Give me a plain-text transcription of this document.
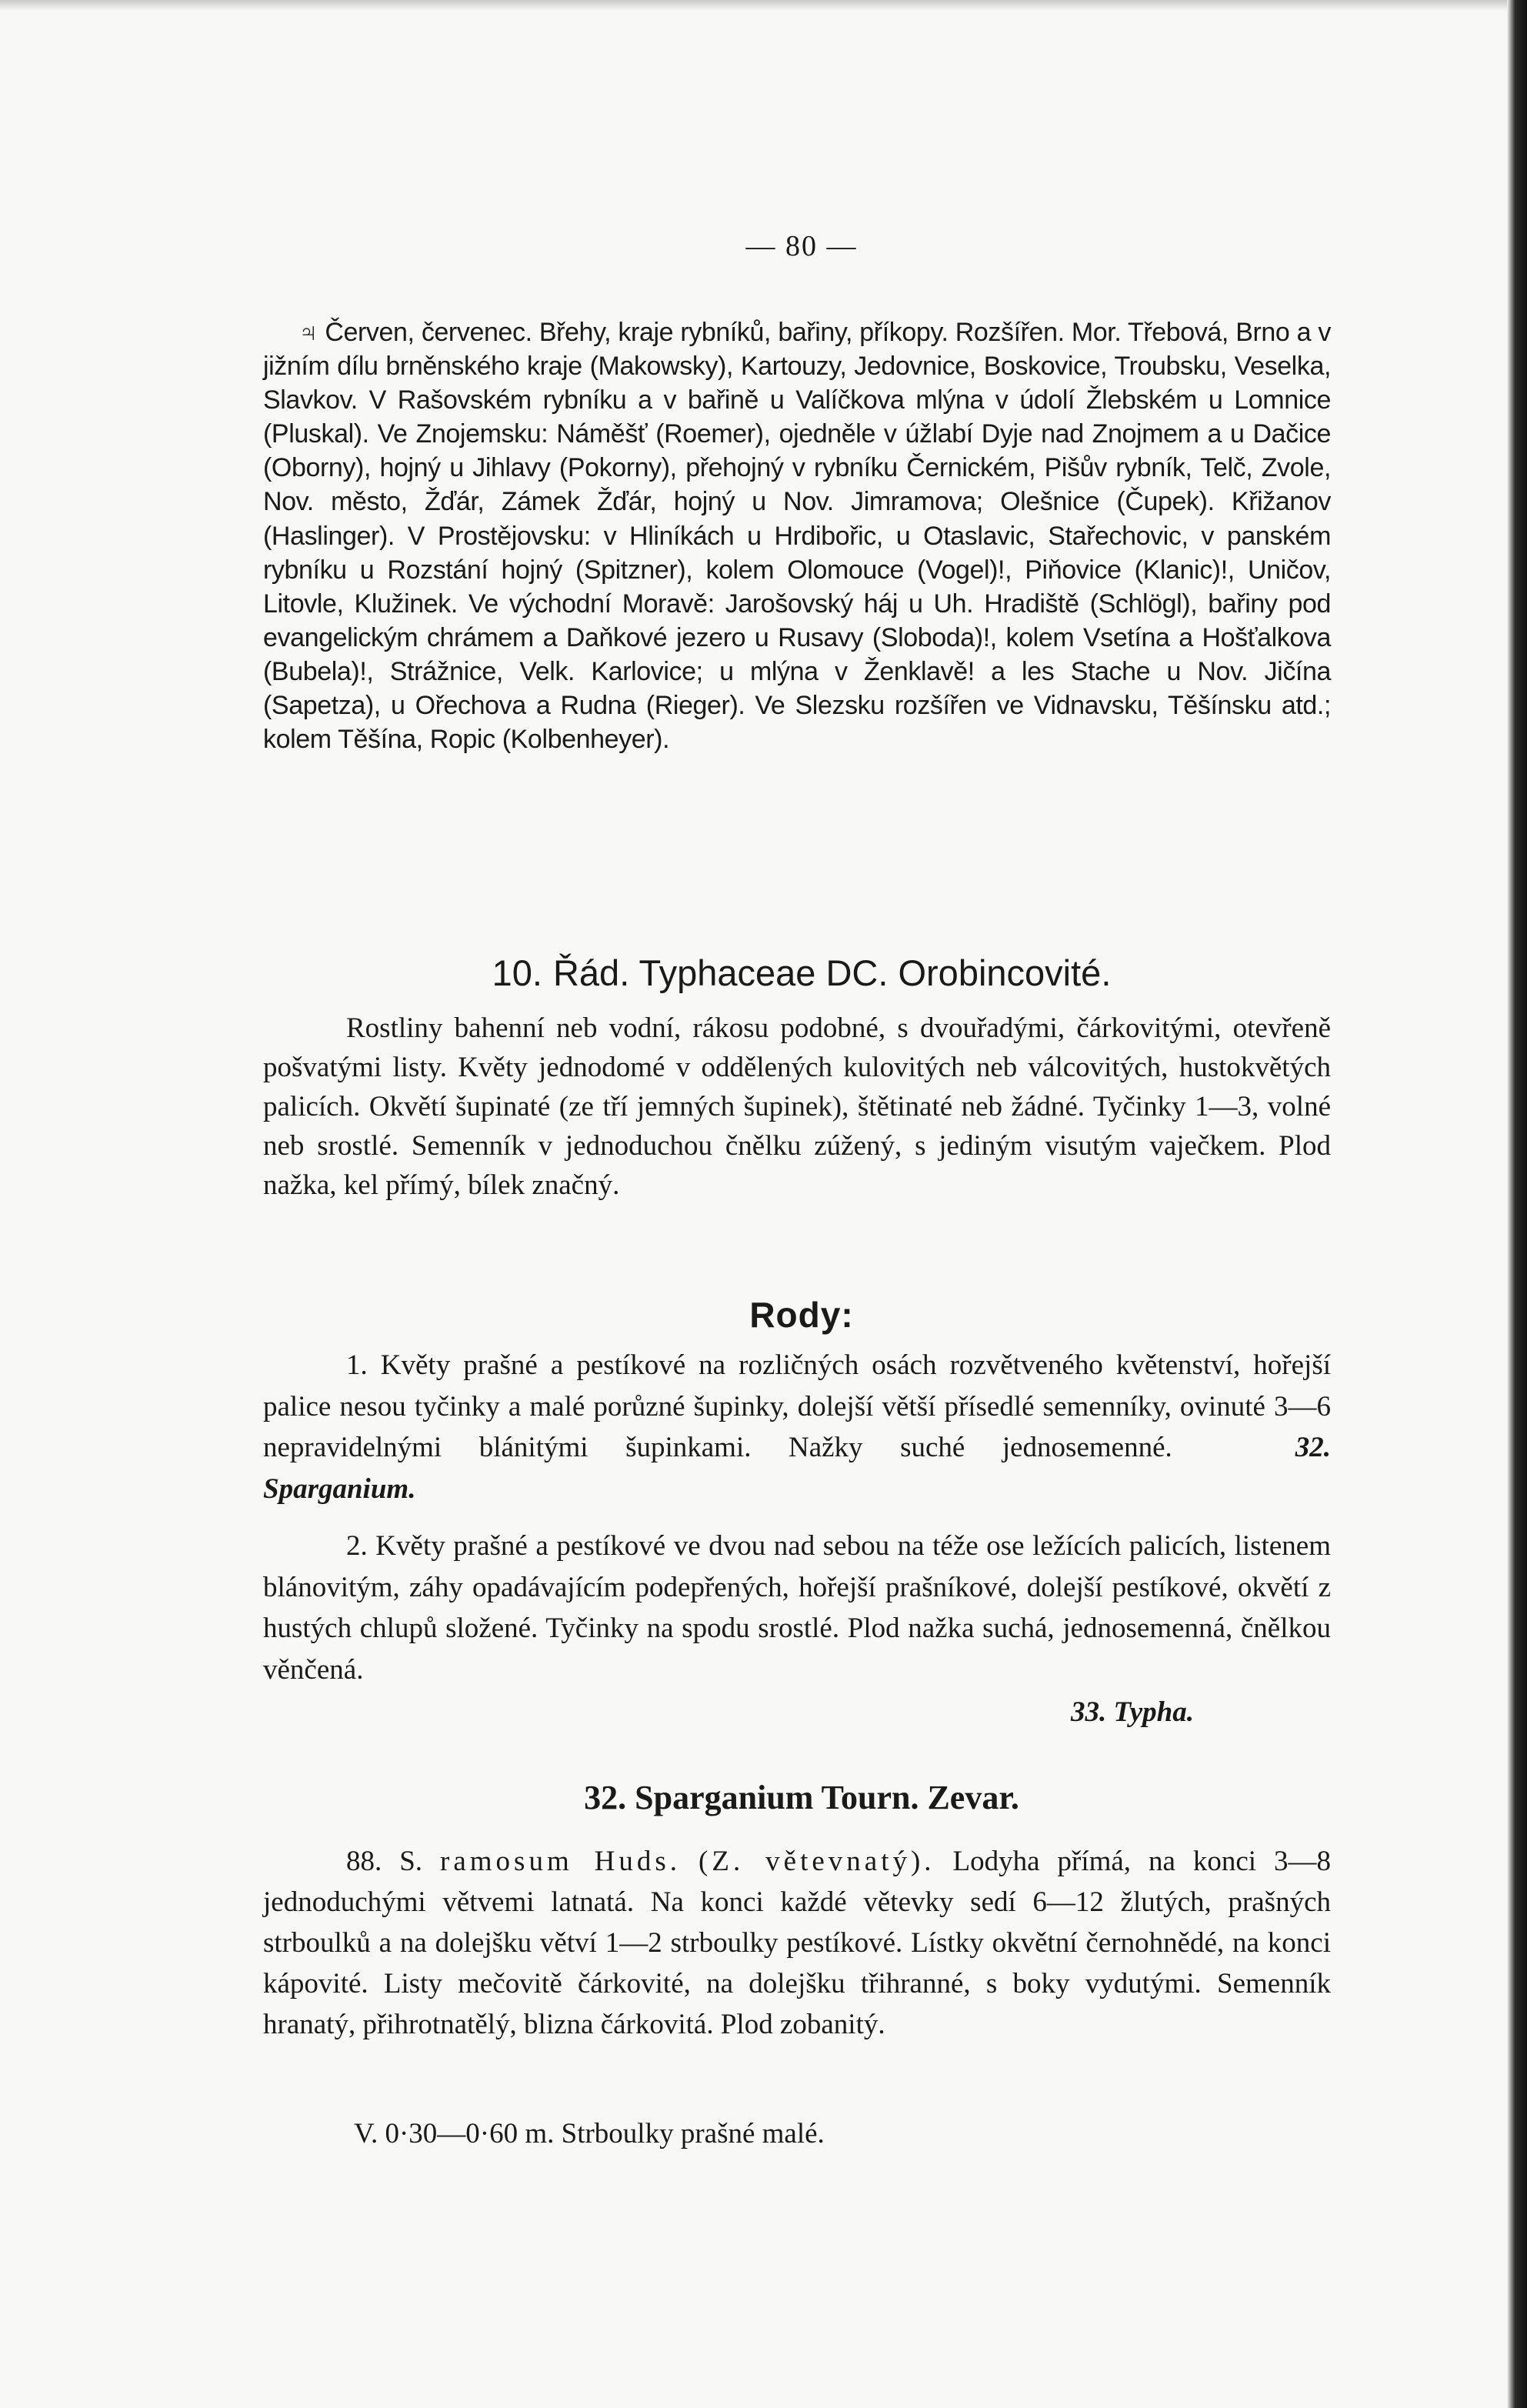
— 80 —

♃ Červen, červenec. Břehy, kraje rybníků, bařiny, příkopy. Rozšířen. Mor. Třebová, Brno a v jižním dílu brněnského kraje (Makowsky), Kartouzy, Jedovnice, Boskovice, Troubsku, Veselka, Slavkov. V Rašovském rybníku a v bařině u Valíčkova mlýna v údolí Žlebském u Lomnice (Pluskal). Ve Znojemsku: Náměšť (Roemer), ojedněle v úžlabí Dyje nad Znojmem a u Dačice (Oborny), hojný u Jihlavy (Pokorny), přehojný v rybníku Černickém, Pišův rybník, Telč, Zvole, Nov. město, Žďár, Zámek Žďár, hojný u Nov. Jimramova; Olešnice (Čupek). Křižanov (Haslinger). V Prostějovsku: v Hliníkách u Hrdibořic, u Otaslavic, Stařechovic, v panském rybníku u Rozstání hojný (Spitzner), kolem Olomouce (Vogel)!, Piňovice (Klanic)!, Uničov, Litovle, Klužinek. Ve východní Moravě: Jarošovský háj u Uh. Hradiště (Schlögl), bařiny pod evangelickým chrámem a Daňkové jezero u Rusavy (Sloboda)!, kolem Vsetína a Hošťalkova (Bubela)!, Strážnice, Velk. Karlovice; u mlýna v Ženklavě! a les Stache u Nov. Jičína (Sapetza), u Ořechova a Rudna (Rieger). Ve Slezsku rozšířen ve Vidnavsku, Těšínsku atd.; kolem Těšína, Ropic (Kolbenheyer).

10. Řád. Typhaceae DC. Orobincovité.

Rostliny bahenní neb vodní, rákosu podobné, s dvouřadými, čárkovitými, otevřeně pošvatými listy. Květy jednodomé v oddělených kulovitých neb válcovitých, hustokvětých palicích. Okvětí šupinaté (ze tří jemných šupinek), štětinaté neb žádné. Tyčinky 1—3, volné neb srostlé. Semenník v jednoduchou čnělku zúžený, s jediným visutým vaječkem. Plod nažka, kel přímý, bílek značný.

Rody:

1. Květy prašné a pestíkové na rozličných osách rozvětveného květenství, hořejší palice nesou tyčinky a malé porůzné šupinky, dolejší větší přísedlé semenníky, ovinuté 3—6 nepravidelnými blánitými šupinkami. Nažky suché jednosemenné.	32. Sparganium.

2. Květy prašné a pestíkové ve dvou nad sebou na téže ose ležících palicích, listenem blánovitým, záhy opadávajícím podepřených, hořejší prašníkové, dolejší pestíkové, okvětí z hustých chlupů složené. Tyčinky na spodu srostlé. Plod nažka suchá, jednosemenná, čnělkou věnčená.

33. Typha.
32. Sparganium Tourn. Zevar.

88. S. ramosum Huds. (Z. větevnatý). Lodyha přímá, na konci 3—8 jednoduchými větvemi latnatá. Na konci každé větevky sedí 6—12 žlutých, prašných strboulků a na dolejšku větví 1—2 strboulky pestíkové. Lístky okvětní černohnědé, na konci kápovité. Listy mečovitě čárkovité, na dolejšku třihranné, s boky vydutými. Semenník hranatý, přihrotnatělý, blizna čárkovitá. Plod zobanitý.

V. 0·30—0·60 m. Strboulky prašné malé.
